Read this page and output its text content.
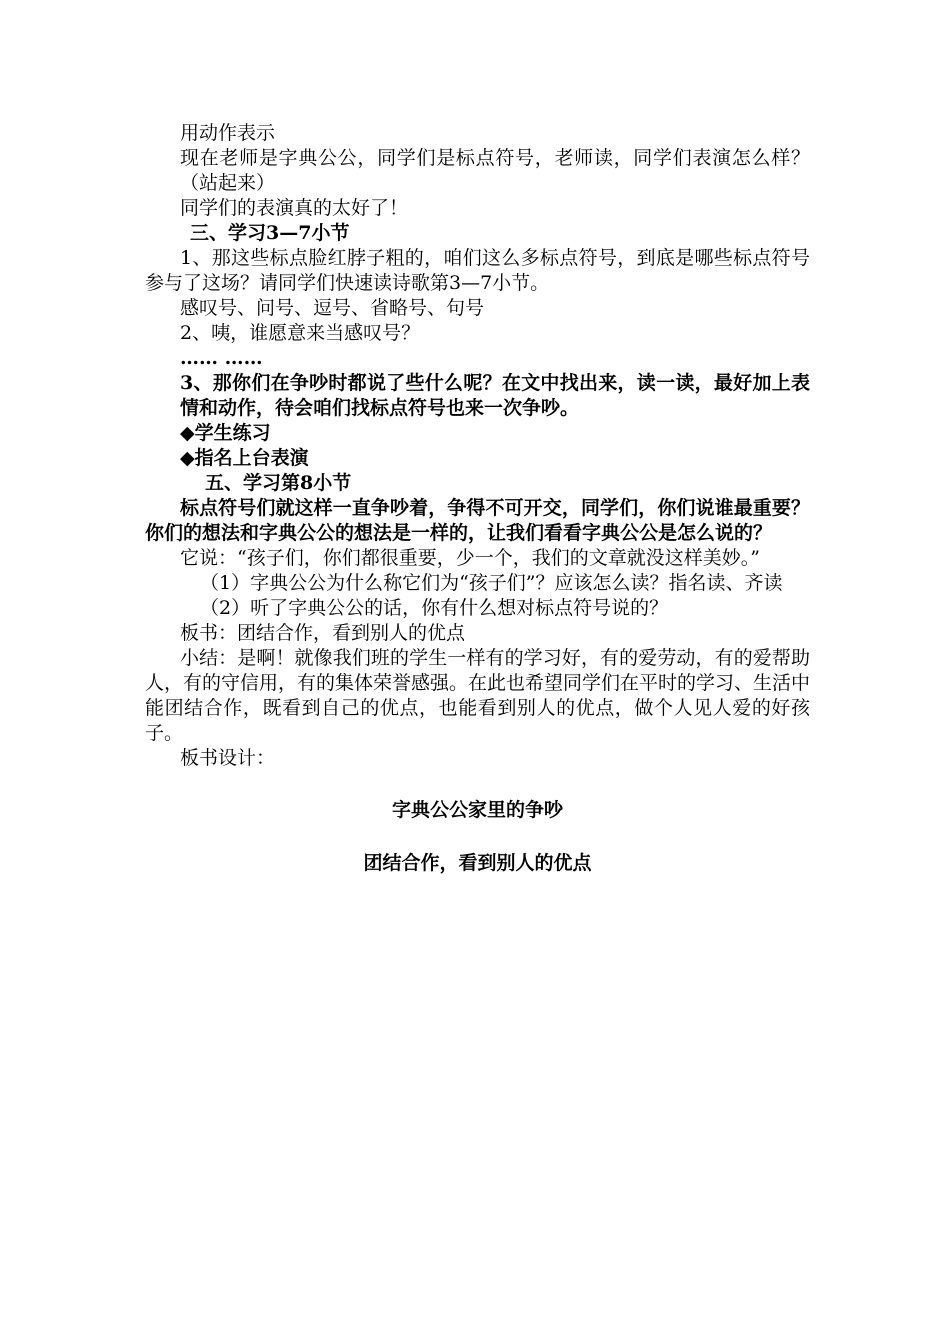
用动作表示

现在老师是字典公公，同学们是标点符号，老师读，同学们表演怎么样？（站起来）

同学们的表演真的太好了！

三、学习3—7小节

1、那这些标点脸红脖子粗的，咱们这么多标点符号，到底是哪些标点符号参与了这场？请同学们快速读诗歌第3—7小节。

感叹号、问号、逗号、省略号、句号

2、咦，谁愿意来当感叹号？

…… ……

3、那你们在争吵时都说了些什么呢？在文中找出来，读一读，最好加上表情和动作，待会咱们找标点符号也来一次争吵。

◆学生练习

◆指名上台表演

五、学习第8小节

标点符号们就这样一直争吵着，争得不可开交，同学们，你们说谁最重要？你们的想法和字典公公的想法是一样的，让我们看看字典公公是怎么说的？

它说：“孩子们，你们都很重要，少一个，我们的文章就没这样美妙。”

（1）字典公公为什么称它们为“孩子们”？应该怎么读？指名读、齐读

（2）听了字典公公的话，你有什么想对标点符号说的？

板书：团结合作，看到别人的优点

小结：是啊！就像我们班的学生一样有的学习好，有的爱劳动，有的爱帮助人，有的守信用，有的集体荣誉感强。在此也希望同学们在平时的学习、生活中能团结合作，既看到自己的优点，也能看到别人的优点，做个人见人爱的好孩子。

板书设计：

字典公公家里的争吵

团结合作，看到别人的优点
